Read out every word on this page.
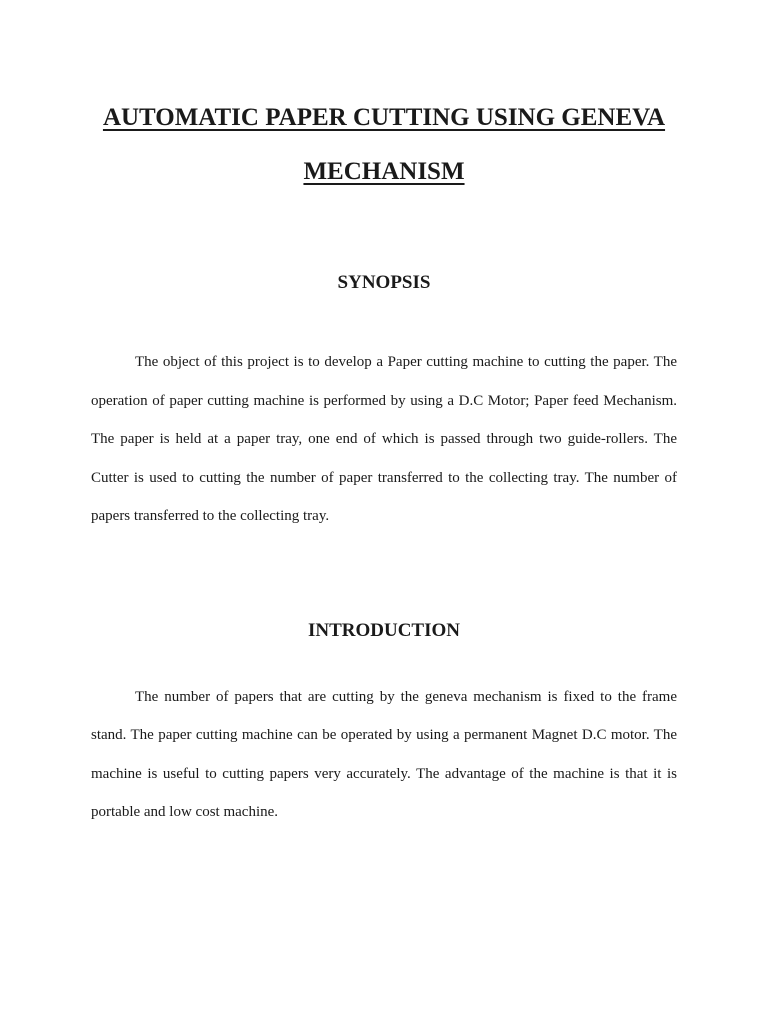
AUTOMATIC PAPER CUTTING USING GENEVA MECHANISM
SYNOPSIS

The object of this project is to develop a Paper cutting machine to cutting the paper. The operation of paper cutting machine is performed by using a D.C Motor; Paper feed Mechanism. The paper is held at a paper tray, one end of which is passed through two guide-rollers. The Cutter is used to cutting the number of paper transferred to the collecting tray. The number of papers transferred to the collecting tray.

INTRODUCTION

The number of papers that are cutting by the geneva mechanism is fixed to the frame stand. The paper cutting machine can be operated by using a permanent Magnet D.C motor. The machine is useful to cutting papers very accurately. The advantage of the machine is that it is portable and low cost machine.
